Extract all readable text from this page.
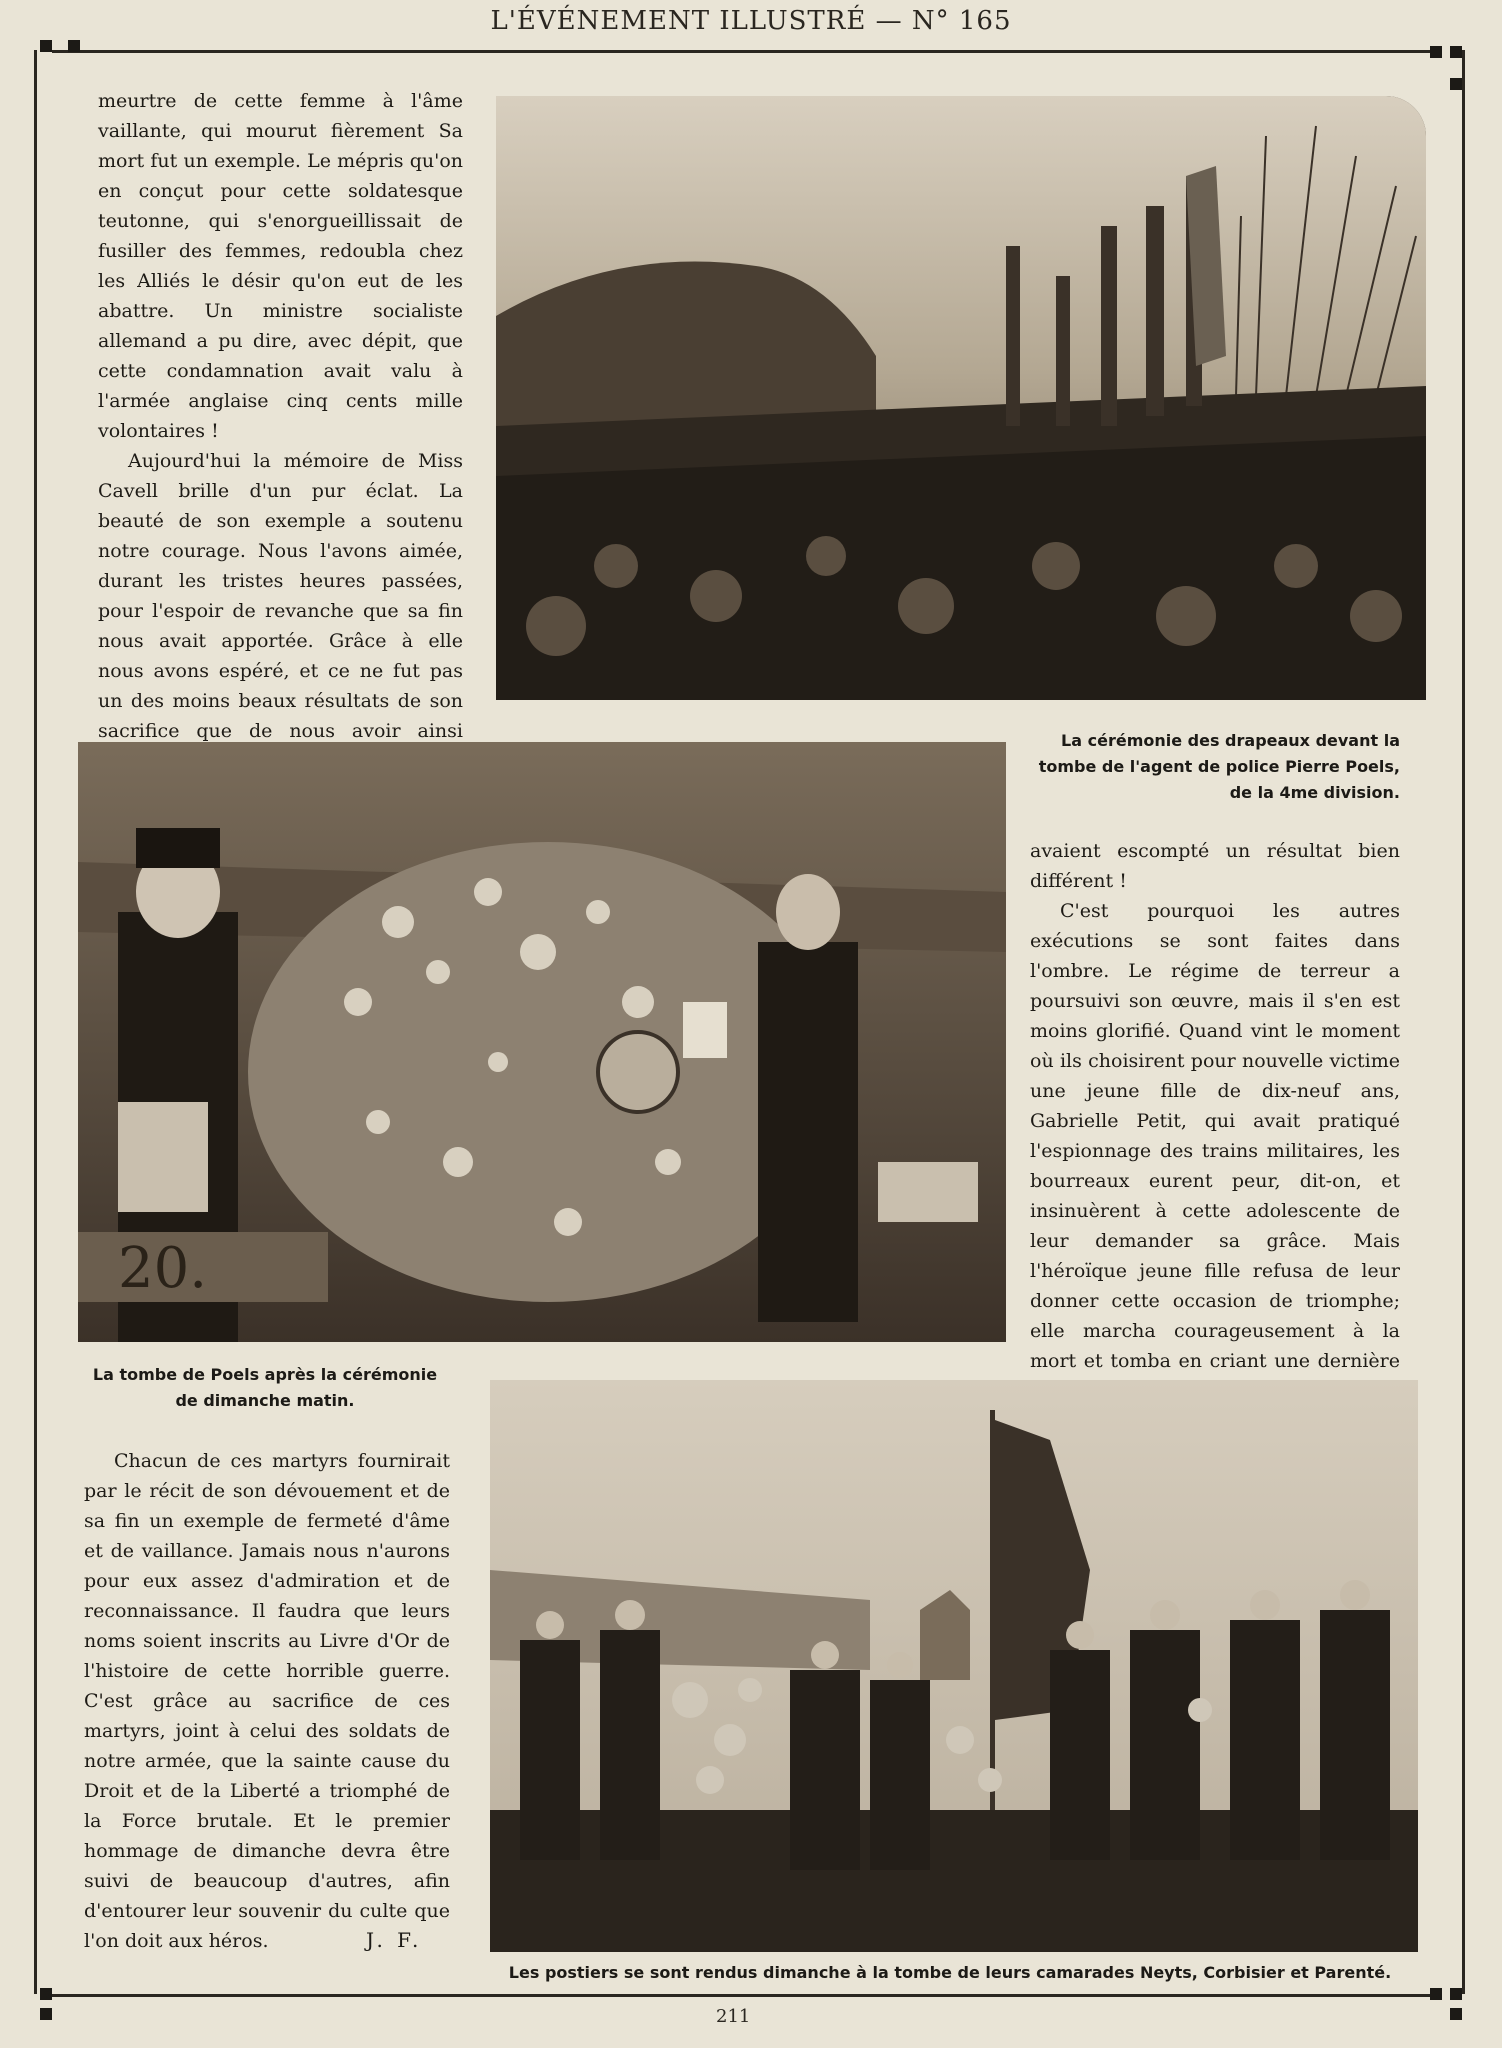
L'ÉVÉNEMENT ILLUSTRÉ — N° 165

meurtre de cette femme à l'âme vaillante, qui mourut fièrement Sa mort fut un exemple. Le mépris qu'on en conçut pour cette soldatesque teutonne, qui s'enorgueillissait de fusiller des femmes, redoubla chez les Alliés le désir qu'on eut de les abattre. Un ministre socialiste allemand a pu dire, avec dépit, que cette condamnation avait valu à l'armée anglaise cinq cents mille volontaires !

Aujourd'hui la mémoire de Miss Cavell brille d'un pur éclat. La beauté de son exemple a soutenu notre courage. Nous l'avons aimée, durant les tristes heures passées, pour l'espoir de revanche que sa fin nous avait apportée. Grâce à elle nous avons espéré, et ce ne fut pas un des moins beaux résultats de son sacrifice que de nous avoir ainsi	La cérémonie des drapeaux devant la tombe de l'agent de police Pierre Poels, de la 4me division.
20.
La tombe de Poels après la cérémonie de dimanche matin.

avaient escompté un résultat bien différent !

C'est pourquoi les autres exécutions se sont faites dans l'ombre. Le régime de terreur a poursuivi son œuvre, mais il s'en est moins glorifié. Quand vint le moment où ils choisirent pour nouvelle victime une jeune fille de dix-neuf ans, Gabrielle Petit, qui avait pratiqué l'espionnage des trains militaires, les bourreaux eurent peur, dit-on, et insinuèrent à cette adolescente de leur demander sa grâce. Mais l'héroïque jeune fille refusa de leur donner cette occasion de triomphe; elle marcha courageusement à la mort et tomba en criant une dernière

Chacun de ces martyrs fournirait par le récit de son dévouement et de sa fin un exemple de fermeté d'âme et de vaillance. Jamais nous n'aurons pour eux assez d'admiration et de reconnaissance. Il faudra que leurs noms soient inscrits au Livre d'Or de l'histoire de cette horrible guerre. C'est grâce au sacrifice de ces martyrs, joint à celui des soldats de notre armée, que la sainte cause du Droit et de la Liberté a triomphé de la Force brutale. Et le premier hommage de dimanche devra être suivi de beaucoup d'autres, afin d'entourer leur souvenir du culte que l'on doit aux héros.	J. F.
Les postiers se sont rendus dimanche à la tombe de leurs camarades Neyts, Corbisier et Parenté.
211
